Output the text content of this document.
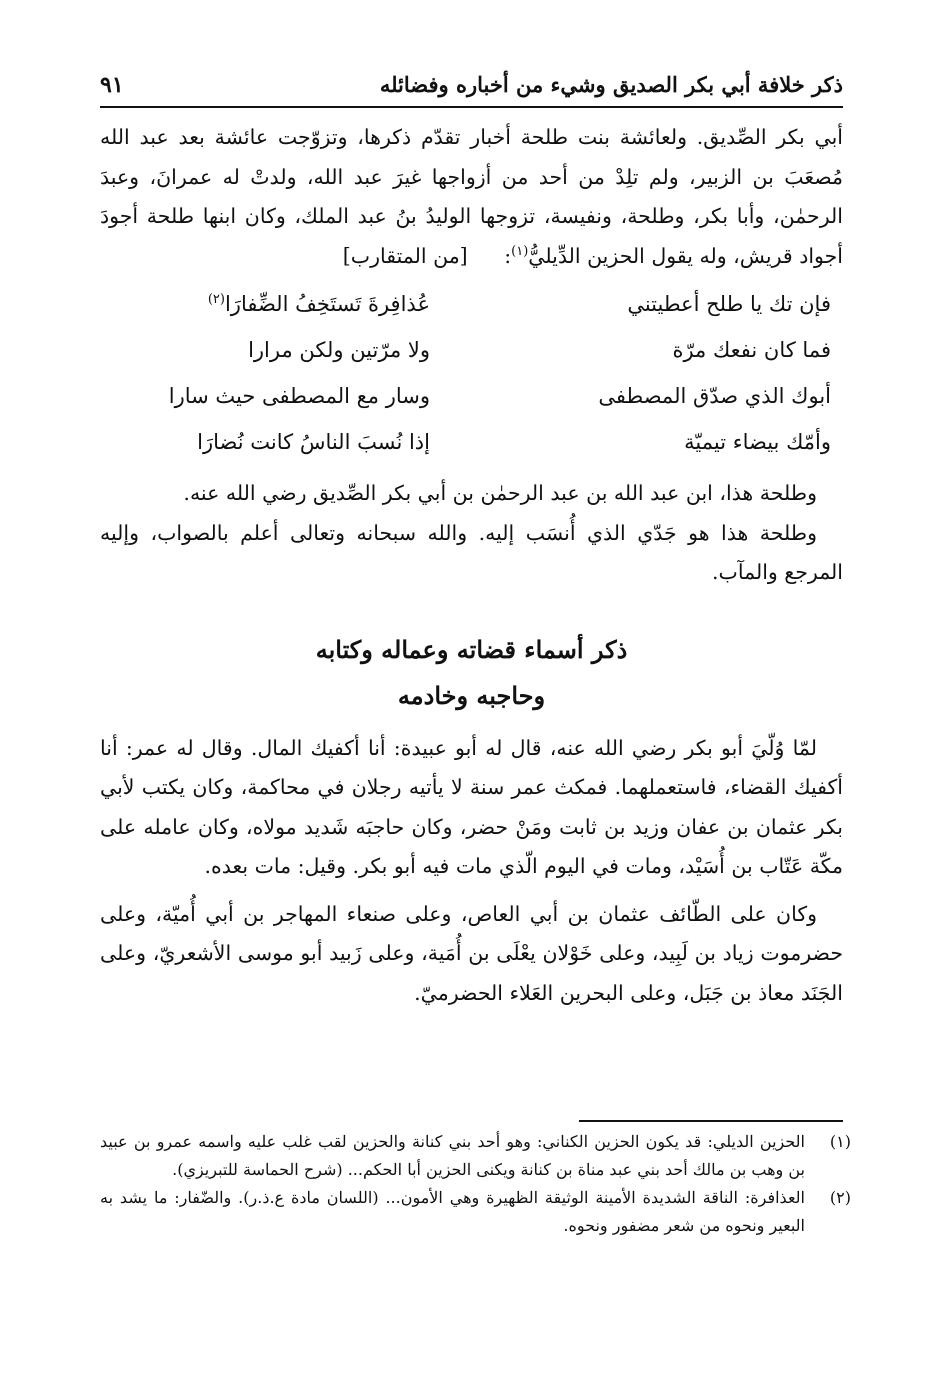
ذكر خلافة أبي بكر الصديق وشيء من أخباره وفضائله
٩١

أبي بكر الصِّديق. ولعائشة بنت طلحة أخبار تقدّم ذكرها، وتزوّجت عائشة بعد عبد الله مُصعَبَ بن الزبير، ولم تلِدْ من أحد من أزواجها غيرَ عبد الله، ولدتْ له عمرانَ، وعبدَ الرحمٰن، وأبا بكر، وطلحة، ونفيسة، تزوجها الوليدُ بنُ عبد الملك، وكان ابنها طلحة أجودَ أجواد قريش، وله يقول الحزين الدِّيليُّ$^{(١)}$: [من المتقارب]

فإن تك يا طلح أعطيتني
عُذافِرةَ تَستَخِفُ الضِّفارَا$^{(٢)}$
فما كان نفعك مرّة
ولا مرّتين ولكن مرارا
أبوك الذي صدّق المصطفى
وسار مع المصطفى حيث سارا
وأمّك بيضاء تيميّة
إذا نُسبَ الناسُ كانت نُضارَا

وطلحة هذا، ابن عبد الله بن عبد الرحمٰن بن أبي بكر الصِّديق رضي الله عنه.

وطلحة هذا هو جَدّي الذي أُنسَب إليه. والله سبحانه وتعالى أعلم بالصواب، وإليه المرجع والمآب.

ذكر أسماء قضاته وعماله وكتابه

وحاجبه وخادمه

لمّا وُلّيَ أبو بكر رضي الله عنه، قال له أبو عبيدة: أنا أكفيك المال. وقال له عمر: أنا أكفيك القضاء، فاستعملهما. فمكث عمر سنة لا يأتيه رجلان في محاكمة، وكان يكتب لأبي بكر عثمان بن عفان وزيد بن ثابت ومَنْ حضر، وكان حاجبَه شَديد مولاه، وكان عامله على مكّة عَتّاب بن أُسَيْد، ومات في اليوم الّذي مات فيه أبو بكر. وقيل: مات بعده.

وكان على الطّائف عثمان بن أبي العاص، وعلى صنعاء المهاجر بن أبي أُميّة، وعلى حضرموت زياد بن لَبِيد، وعلى خَوْلان يعْلَى بن أُمَية، وعلى زَبيد أبو موسى الأشعريّ، وعلى الجَنَد معاذ بن جَبَل، وعلى البحرين العَلاء الحضرميّ.

(١)
الحزين الديلي: قد يكون الحزين الكناني: وهو أحد بني كنانة والحزين لقب غلب عليه واسمه عمرو بن عبيد بن وهب بن مالك أحد بني عبد مناة بن كنانة ويكنى الحزين أبا الحكم... (شرح الحماسة للتبريزي).

(٢)
العذافرة: الناقة الشديدة الأمينة الوثيقة الظهيرة وهي الأمون... (اللسان مادة ع.ذ.ر). والضّفار: ما يشد به البعير ونحوه من شعر مضفور ونحوه.
